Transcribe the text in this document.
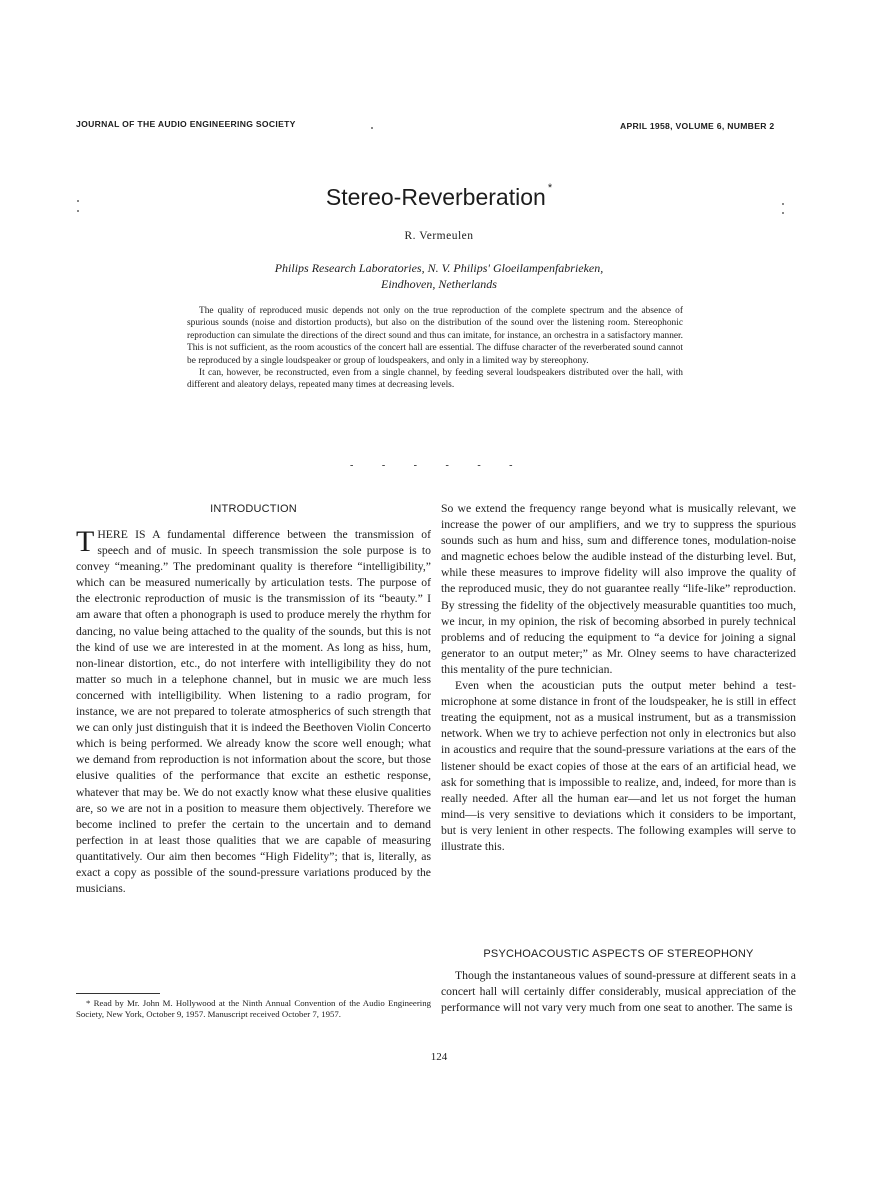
JOURNAL OF THE AUDIO ENGINEERING SOCIETY	APRIL 1958, VOLUME 6, NUMBER 2
Stereo-Reverberation *
R. Vermeulen
Philips Research Laboratories, N. V. Philips' Gloeilampenfabrieken,
Eindhoven, Netherlands

The quality of reproduced music depends not only on the true reproduction of the complete spectrum and the absence of spurious sounds (noise and distortion products), but also on the distribution of the sound over the listening room. Stereophonic reproduction can simulate the directions of the direct sound and thus can imitate, for instance, an orchestra in a satisfactory manner. This is not sufficient, as the room acoustics of the concert hall are essential. The diffuse character of the reverberated sound cannot be reproduced by a single loudspeaker or group of loudspeakers, and only in a limited way by stereophony.

It can, however, be reconstructed, even from a single channel, by feeding several loudspeakers distributed over the hall, with different and aleatory delays, repeated many times at decreasing levels.

- - - - - -
INTRODUCTION

THERE IS A fundamental difference between the transmission of speech and of music. In speech transmission the sole purpose is to convey “meaning.” The predominant quality is therefore “intelligibility,” which can be measured numerically by articulation tests. The purpose of the electronic reproduction of music is the transmission of its “beauty.” I am aware that often a phonograph is used to produce merely the rhythm for dancing, no value being attached to the quality of the sounds, but this is not the kind of use we are interested in at the moment. As long as hiss, hum, non-linear distortion, etc., do not interfere with intelligibility they do not matter so much in a telephone channel, but in music we are much less concerned with intelligibility. When listening to a radio program, for instance, we are not prepared to tolerate atmospherics of such strength that we can only just distinguish that it is indeed the Beethoven Violin Concerto which is being performed. We already know the score well enough; what we demand from reproduction is not information about the score, but those elusive qualities of the performance that excite an esthetic response, whatever that may be. We do not exactly know what these elusive qualities are, so we are not in a position to measure them objectively. Therefore we become inclined to prefer the certain to the uncertain and to demand perfection in at least those qualities that we are capable of measuring quantitatively. Our aim then becomes “High Fidelity”; that is, literally, as exact a copy as possible of the sound-pressure variations produced by the musicians.

So we extend the frequency range beyond what is musically relevant, we increase the power of our amplifiers, and we try to suppress the spurious sounds such as hum and hiss, sum and difference tones, modulation-noise and magnetic echoes below the audible instead of the disturbing level. But, while these measures to improve fidelity will also improve the quality of the reproduced music, they do not guarantee really “life-like” reproduction. By stressing the fidelity of the objectively measurable quantities too much, we incur, in my opinion, the risk of becoming absorbed in purely technical problems and of reducing the equipment to “a device for joining a signal generator to an output meter;” as Mr. Olney seems to have characterized this mentality of the pure technician.

Even when the acoustician puts the output meter behind a test-microphone at some distance in front of the loudspeaker, he is still in effect treating the equipment, not as a musical instrument, but as a transmission network. When we try to achieve perfection not only in electronics but also in acoustics and require that the sound-pressure variations at the ears of the listener should be exact copies of those at the ears of an artificial head, we ask for something that is impossible to realize, and, indeed, for more than is really needed. After all the human ear—and let us not forget the human mind—is very sensitive to deviations which it considers to be important, but is very lenient in other respects. The following examples will serve to illustrate this.

PSYCHOACOUSTIC ASPECTS OF STEREOPHONY

Though the instantaneous values of sound-pressure at different seats in a concert hall will certainly differ considerably, musical appreciation of the performance will not vary very much from one seat to another. The same is

* Read by Mr. John M. Hollywood at the Ninth Annual Convention of the Audio Engineering Society, New York, October 9, 1957. Manuscript received October 7, 1957.
124
